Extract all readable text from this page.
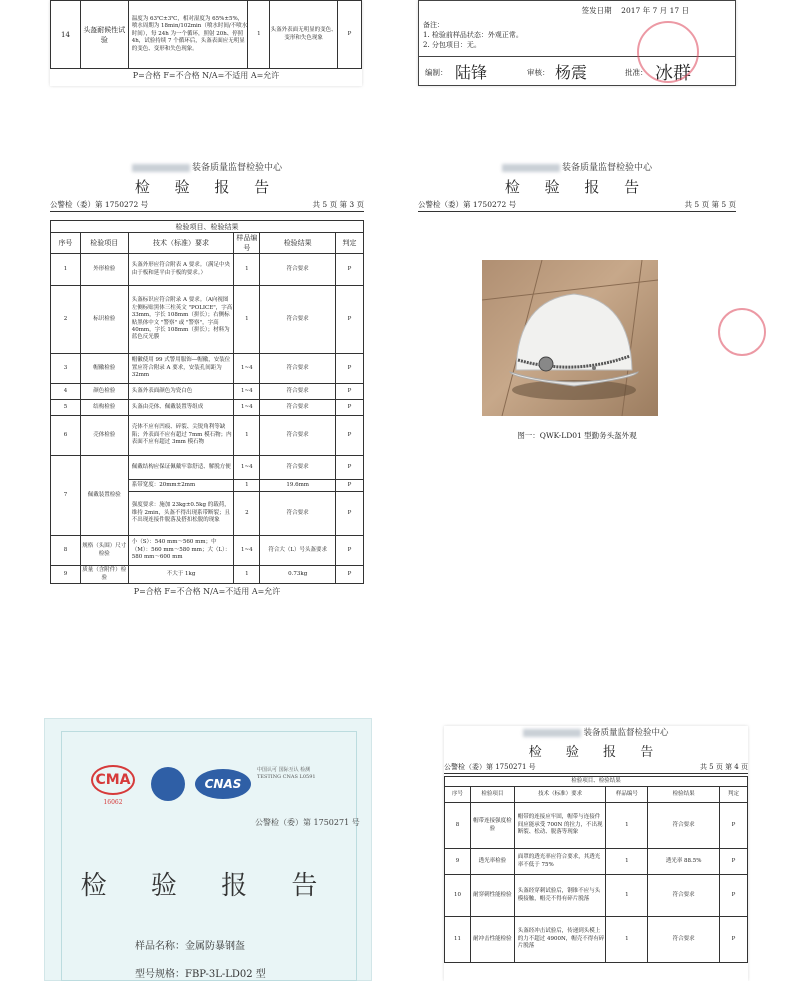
14	头盔耐候性试验	温度为 63℃±3℃，相对湿度为 65%±5%，喷水周期为 18min/102min（喷水时间/不喷水时间），每 24h 为一个循环，照射 20h、停照 4h，试验持续 7 个循环后，头盔表面应无明显的变色、变形和失色现象。	1	头盔外表面无明显的变色、变形和失色现象	P
P=合格 F=不合格 N/A=不适用 A=允许
签发日期 2017 年 7 月 17 日
备注：
1. 检验前样品状态：外观正常。
2. 分包项目：无。
编制： 陆锋	审核： 杨震	批准： 冰群
装备质量监督检验中心
检 验 报 告
公警检（委）第 1750272 号	共 5 页 第 3 页
检验项目、检验结果					
序号	检验项目	技术（标准）要求	样品编号	检验结果	判定
1	外形检验	头盔外形应符合附表 A 要求。（满足中央由于板和延平由于板的要求。）	1	符合要求	P
2	标识检验	头盔标识应符合附录 A 要求。（A向视图左侧标贴黑体三柱英文 "POLICE"，字高 33mm，字长 108mm（拼长）；右侧标贴黑体中文 "警察" 或 "警察"，字高 40mm，字长 108mm（拼长）；材料为蓝色反光膜	1	符合要求	P
3	帽徽检验	帽徽使用 99 式警用服饰—帽徽，安装位置应符合附录 A 要求，安装孔间距为 32mm	1~4	符合要求	P
4	颜色检验	头盔外表面颜色为瓷白色	1~4	符合要求	P
5	结构检验	头盔由壳体、佩戴装置等组成	1~4	符合要求	P
6	壳体检验	壳体不应有凹痕、碎裂、尖锐角利等缺陷；外表面不应有超过 7mm 模石物；内表面不应有超过 3mm 模石物	1	符合要求	P
7	佩戴装置检验	佩戴结构应保证佩戴牢靠舒适、解脱方便	1~4	符合要求	P
		系带宽度：20mm±2mm	1	19.6mm	P
		强度要求：施加 23kg±0.5kg 的载荷，维持 2min，头盔不得出现系带断裂；且不出现连接件脱落及搭扣松脱的现象	2	符合要求	P
8	规格（头围）尺寸检验	小（S）：540 mm～560 mm；中（M）：560 mm～580 mm；大（L）：580 mm～600 mm	1~4	符合大（L）号头盔要求	P
9	质量（含附件）检验	不大于 1kg	1	0.73kg	P
P=合格 F=不合格 N/A=不适用 A=允许
装备质量监督检验中心
检 验 报 告
公警检（委）第 1750272 号	共 5 页 第 5 页
图一：QWK-LD01 型勤务头盔外观
CMA
16062
CNAS
中国认可 国际互认 检测 TESTING CNAS L0591
公警检（委）第 1750271 号
检 验 报 告
样品名称：金属防暴钢盔
型号规格：FBP-3L-LD02 型
装备质量监督检验中心
检 验 报 告
公警检（委）第 1750271 号	共 5 页 第 4 页
检验项目、检验结果					
序号	检验项目	技术（标准）要求	样品编号	检验结果	判定
8	帽带连接强度检验	帽带的连接应牢固，帽带与连接件间应能承受 700N 的拉力，不出现断裂、松动、脱落等现象	1	符合要求	P
9	透光率检验	面罩的透光率应符合要求，其透光率不低于 75%	1	透光率 88.5%	P
10	耐穿刺性能检验	头盔经穿刺试验后，钢锥不应与头模接触，帽壳不得有碎片脱落	1	符合要求	P
11	耐冲击性能检验	头盔经冲击试验后，传递到头模上的力不超过 4900N，帽壳不得有碎片脱落	1	符合要求	P
